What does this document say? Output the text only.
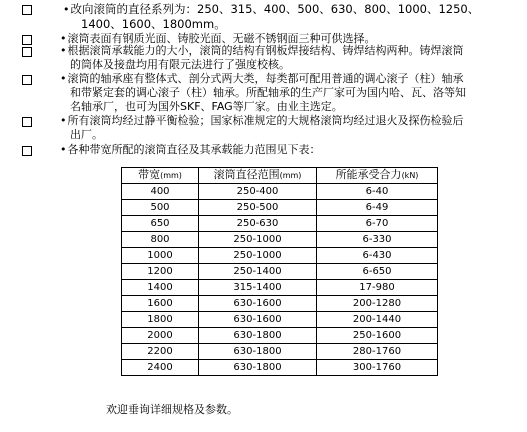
•改向滚筒的直径系列为：250、315、400、500、630、800、1000、1250、
1400、1600、1800mm。
•滚筒表面有钢质光面、铸胶光面、无磁不锈钢面三种可供选择。
•根据滚筒承载能力的大小，滚筒的结构有钢板焊接结构、铸焊结构两种。铸焊滚筒
的筒体及接盘均用有限元法进行了强度校核。
•滚筒的轴承座有整体式、剖分式两大类，每类都可配用普通的调心滚子（柱）轴承
和带紧定套的调心滚子（柱）轴承。所配轴承的生产厂家可为国内哈、瓦、洛等知
名轴承厂，也可为国外SKF、FAG等厂家。由业主选定。
•所有滚筒均经过静平衡检验；国家标准规定的大规格滚筒均经过退火及探伤检验后
出厂。
•各种带宽所配的滚筒直径及其承载能力范围见下表：
带宽(mm)	滚筒直径范围(mm)	所能承受合力(kN)
400	250-400	6-40
500	250-500	6-49
650	250-630	6-70
800	250-1000	6-330
1000	250-1000	6-430
1200	250-1400	6-650
1400	315-1400	17-980
1600	630-1600	200-1280
1800	630-1600	200-1440
2000	630-1800	250-1600
2200	630-1800	280-1760
2400	630-1800	300-1760
欢迎垂询详细规格及参数。
